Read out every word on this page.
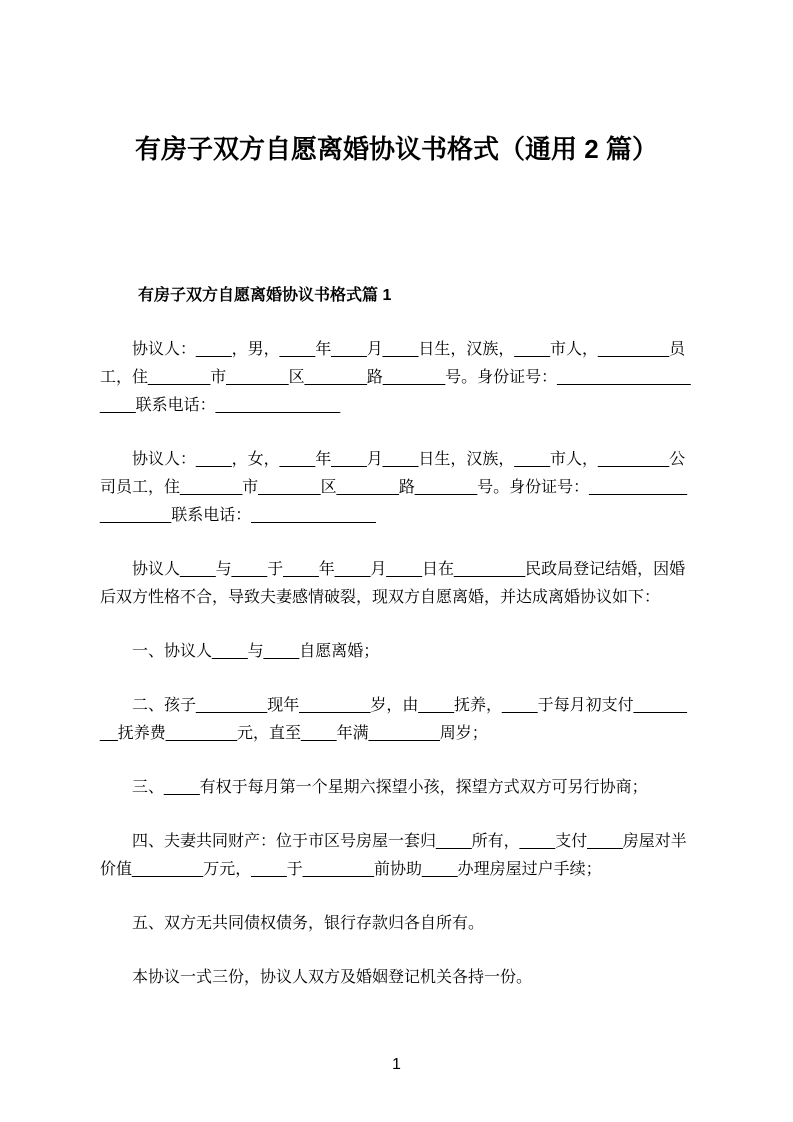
有房子双方自愿离婚协议书格式（通用 2 篇）
有房子双方自愿离婚协议书格式篇 1

协议人：____，男，____年____月____日生，汉族，____市人，________员工，住_______市_______区_______路_______号。身份证号：___________________联系电话：______________

协议人：____，女，____年____月____日生，汉族，____市人，________公司员工，住_______市_______区_______路_______号。身份证号：___________________联系电话：______________

协议人____与____于____年____月____日在________民政局登记结婚，因婚后双方性格不合，导致夫妻感情破裂，现双方自愿离婚，并达成离婚协议如下：

一、协议人____与____自愿离婚；

二、孩子________现年________岁，由____抚养，____于每月初支付________抚养费________元，直至____年满________周岁；

三、____有权于每月第一个星期六探望小孩，探望方式双方可另行协商；

四、夫妻共同财产：位于市区号房屋一套归____所有，____支付____房屋对半价值________万元，____于________前协助____办理房屋过户手续；

五、双方无共同债权债务，银行存款归各自所有。

本协议一式三份，协议人双方及婚姻登记机关各持一份。

1
